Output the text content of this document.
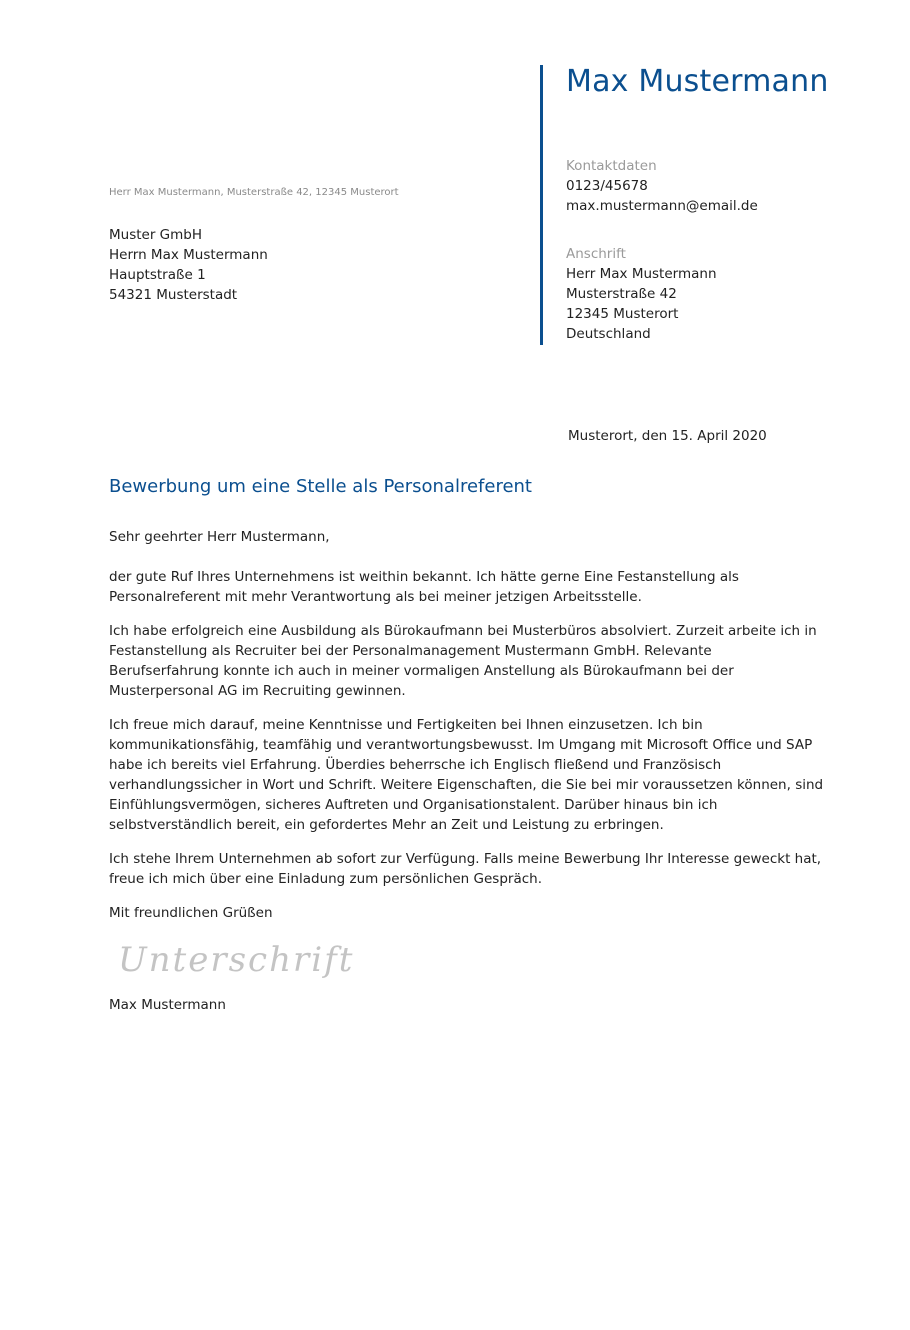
Max Mustermann
Kontaktdaten
0123/45678
max.mustermann@email.de
Anschrift
Herr Max Mustermann
Musterstraße 42
12345 Musterort
Deutschland
Herr Max Mustermann, Musterstraße 42, 12345 Musterort
Muster GmbH
Herrn Max Mustermann
Hauptstraße 1
54321 Musterstadt
Musterort, den 15. April 2020
Bewerbung um eine Stelle als Personalreferent

Sehr geehrter Herr Mustermann,

der gute Ruf Ihres Unternehmens ist weithin bekannt. Ich hätte gerne Eine Festanstellung als Personalreferent mit mehr Verantwortung als bei meiner jetzigen Arbeitsstelle.

Ich habe erfolgreich eine Ausbildung als Bürokaufmann bei Musterbüros absolviert. Zurzeit arbeite ich in Festanstellung als Recruiter bei der Personalmanagement Mustermann GmbH. Relevante Berufserfahrung konnte ich auch in meiner vormaligen Anstellung als Bürokaufmann bei der Musterpersonal AG im Recruiting gewinnen.

Ich freue mich darauf, meine Kenntnisse und Fertigkeiten bei Ihnen einzusetzen. Ich bin kommunikationsfähig, teamfähig und verantwortungsbewusst. Im Umgang mit Microsoft Office und SAP habe ich bereits viel Erfahrung. Überdies beherrsche ich Englisch fließend und Französisch verhandlungssicher in Wort und Schrift. Weitere Eigenschaften, die Sie bei mir voraussetzen können, sind Einfühlungsvermögen, sicheres Auftreten und Organisationstalent. Darüber hinaus bin ich selbstverständlich bereit, ein gefordertes Mehr an Zeit und Leistung zu erbringen.

Ich stehe Ihrem Unternehmen ab sofort zur Verfügung. Falls meine Bewerbung Ihr Interesse geweckt hat, freue ich mich über eine Einladung zum persönlichen Gespräch.

Mit freundlichen Grüßen

Unterschrift
Max Mustermann
